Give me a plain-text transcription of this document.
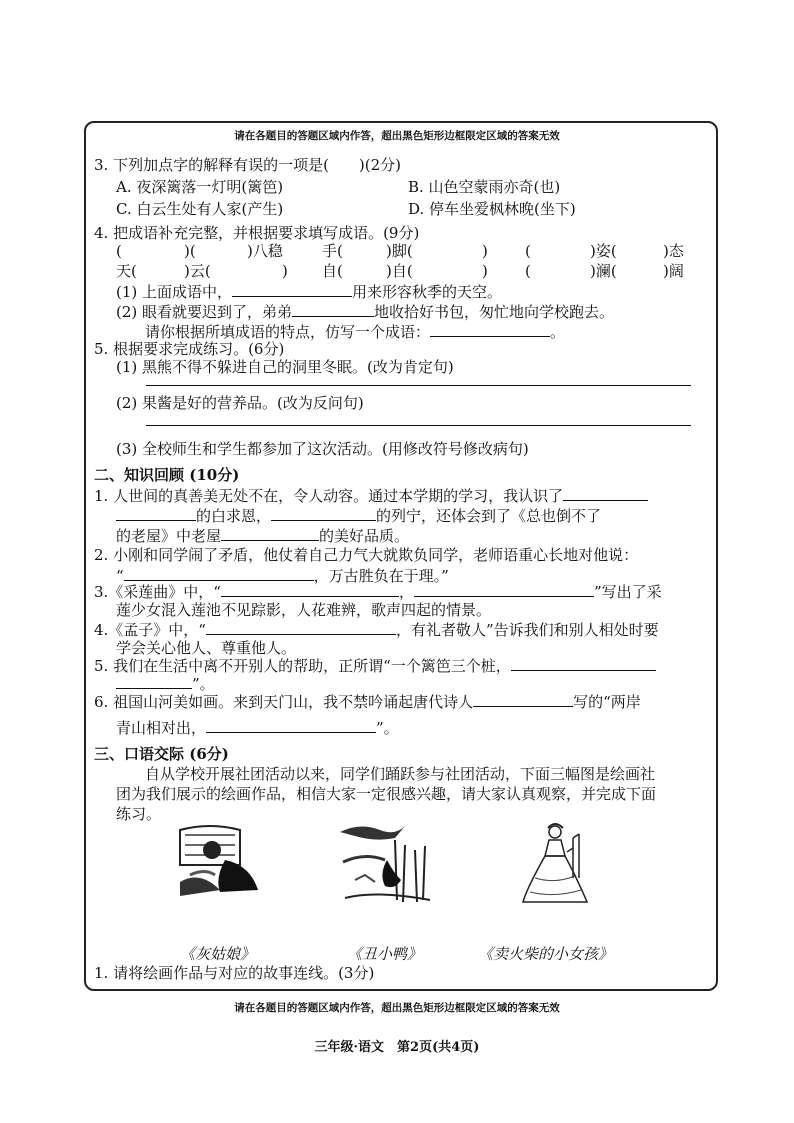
请在各题目的答题区域内作答，超出黑色矩形边框限定区域的答案无效
3. 下列加点字的解释有误的一项是(　　)(2分)
A. 夜深篱落一灯明(篱笆)	B. 山色空蒙雨亦奇(也)
C. 白云生处有人家(产生)	D. 停车坐爱枫林晚(坐下)
4. 把成语补充完整，并根据要求填写成语。(9分)
(	)(	)八稳	手(	)脚(	) (	)姿(	)态
天(	)云(	) 自(	)自(	) (	)澜(	)阔
(1) 上面成语中，	用来形容秋季的天空。
(2) 眼看就要迟到了，弟弟	地收拾好书包，匆忙地向学校跑去。
请你根据所填成语的特点，仿写一个成语：	。
5. 根据要求完成练习。(6分)
(1) 黑熊不得不躲进自己的洞里冬眠。(改为肯定句)
(2) 果酱是好的营养品。(改为反问句)
(3) 全校师生和学生都参加了这次活动。(用修改符号修改病句)
二、知识回顾 (10分)
1. 人世间的真善美无处不在，令人动容。通过本学期的学习，我认识了
的白求恩，	的列宁，还体会到了《总也倒不了
的老屋》中老屋	的美好品质。
2. 小刚和同学闹了矛盾，他仗着自己力气大就欺负同学，老师语重心长地对他说：
“	，万古胜负在于理。”
3.《采莲曲》中，“	，	”写出了采
莲少女混入莲池不见踪影，人花难辨，歌声四起的情景。
4.《孟子》中，“	，有礼者敬人”告诉我们和别人相处时要
学会关心他人、尊重他人。
5. 我们在生活中离不开别人的帮助，正所谓“一个篱笆三个桩，
”。
6. 祖国山河美如画。来到天门山，我不禁吟诵起唐代诗人	写的“两岸
青山相对出，	”。
三、口语交际 (6分)
自从学校开展社团活动以来，同学们踊跃参与社团活动，下面三幅图是绘画社
团为我们展示的绘画作品，相信大家一定很感兴趣，请大家认真观察，并完成下面
练习。
《灰姑娘》	《丑小鸭》	《卖火柴的小女孩》
1. 请将绘画作品与对应的故事连线。(3分)
请在各题目的答题区域内作答，超出黑色矩形边框限定区域的答案无效
三年级·语文　第2页(共4页)
